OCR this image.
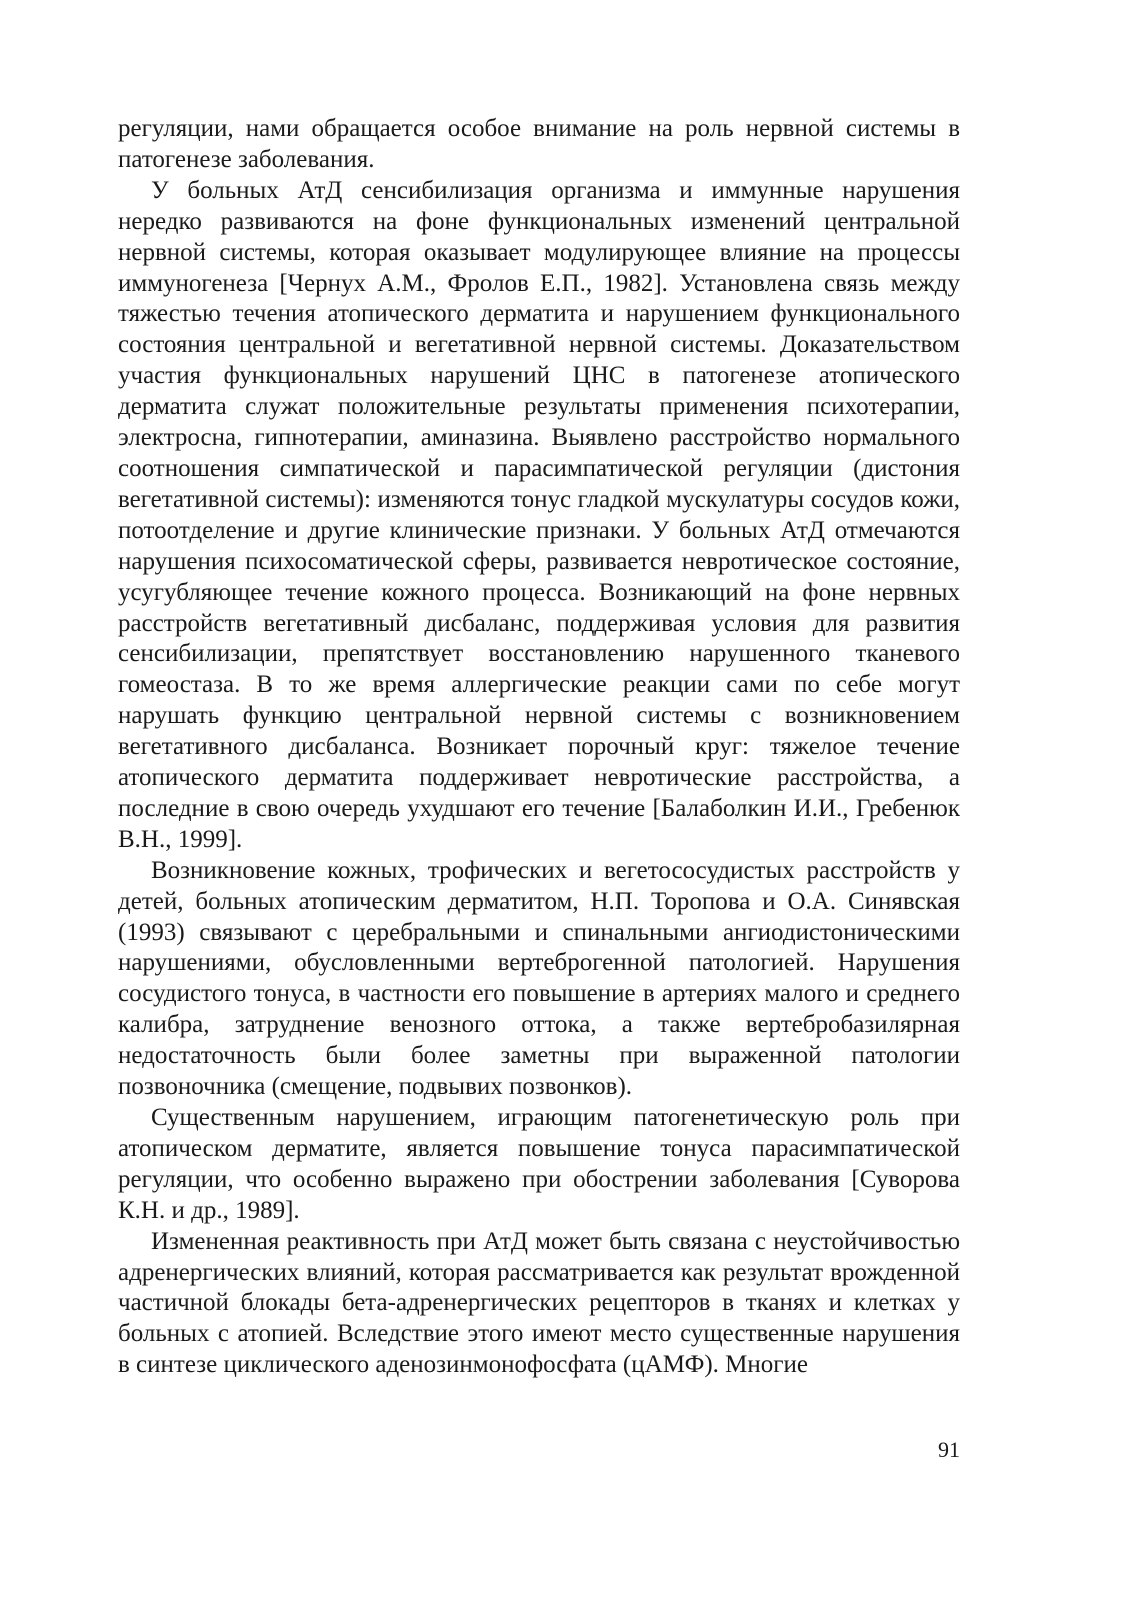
регуляции, нами обращается особое внимание на роль нервной системы в патогенезе заболевания.

У больных АтД сенсибилизация организма и иммунные нарушения нередко развиваются на фоне функциональных изменений центральной нервной системы, которая оказывает модулирующее влияние на процессы иммуногенеза [Чернух А.М., Фролов Е.П., 1982]. Установлена связь между тяжестью течения атопического дерматита и нарушением функционального состояния центральной и вегетативной нервной системы. Доказательством участия функциональных нарушений ЦНС в патогенезе атопического дерматита служат положительные результаты применения психотерапии, электросна, гипнотерапии, аминазина. Выявлено расстройство нормального соотношения симпатической и парасимпатической регуляции (дистония вегетативной системы): изменяются тонус гладкой мускулатуры сосудов кожи, потоотделение и другие клинические признаки. У больных АтД отмечаются нарушения психосоматической сферы, развивается невротическое состояние, усугубляющее течение кожного процесса. Возникающий на фоне нервных расстройств вегетативный дисбаланс, поддерживая условия для развития сенсибилизации, препятствует восстановлению нарушенного тканевого гомеостаза. В то же время аллергические реакции сами по себе могут нарушать функцию центральной нервной системы с возникновением вегетативного дисбаланса. Возникает порочный круг: тяжелое течение атопического дерматита поддерживает невротические расстройства, а последние в свою очередь ухудшают его течение [Балаболкин И.И., Гребенюк В.Н., 1999].

Возникновение кожных, трофических и вегетососудистых расстройств у детей, больных атопическим дерматитом, Н.П. Торопова и О.А. Синявская (1993) связывают с церебральными и спинальными ангиодистоническими нарушениями, обусловленными вертеброгенной патологией. Нарушения сосудистого тонуса, в частности его повышение в артериях малого и среднего калибра, затруднение венозного оттока, а также вертебробазилярная недостаточность были более заметны при выраженной патологии позвоночника (смещение, подвывих позвонков).

Существенным нарушением, играющим патогенетическую роль при атопическом дерматите, является повышение тонуса парасимпатической регуляции, что особенно выражено при обострении заболевания [Суворова К.Н. и др., 1989].

Измененная реактивность при АтД может быть связана с неустойчивостью адренергических влияний, которая рассматривается как результат врожденной частичной блокады бета-адренергических рецепторов в тканях и клетках у больных с атопией. Вследствие этого имеют место существенные нарушения в синтезе циклического аденозинмонофосфата (цАМФ). Многие

91
